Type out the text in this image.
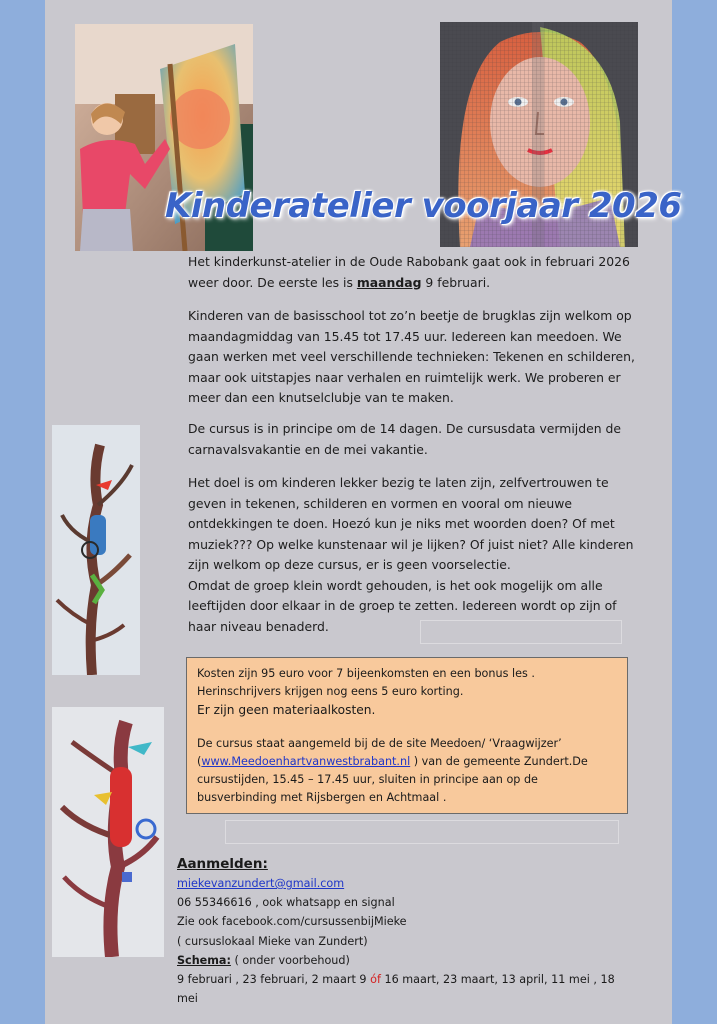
Kinderatelier voorjaar 2026

Het kinderkunst-atelier in de Oude Rabobank gaat ook in februari 2026 weer door. De eerste les is maandag 9 februari.

Kinderen van de basisschool tot zo’n beetje de brugklas zijn welkom op maandagmiddag van 15.45 tot 17.45 uur. Iedereen kan meedoen. We gaan werken met veel verschillende technieken: Tekenen en schilderen, maar ook uitstapjes naar verhalen en ruimtelijk werk. We proberen er meer dan een knutselclubje van te maken.

De cursus is in principe om de 14 dagen. De cursusdata vermijden de carnavalsvakantie en de mei vakantie.

Het doel is om kinderen lekker bezig te laten zijn, zelfvertrouwen te geven in tekenen, schilderen en vormen en vooral om nieuwe ontdekkingen te doen. Hoezó kun je niks met woorden doen? Of met muziek??? Op welke kunstenaar wil je lijken? Of juist niet? Alle kinderen zijn welkom op deze cursus, er is geen voorselectie.

Omdat de groep klein wordt gehouden, is het ook mogelijk om alle leeftijden door elkaar in de groep te zetten. Iedereen wordt op zijn of haar niveau benaderd.

Kosten zijn 95 euro voor 7 bijeenkomsten en een bonus les .
Herinschrijvers krijgen nog eens 5 euro korting.
Er zijn geen materiaalkosten.
De cursus staat aangemeld bij de de site Meedoen/ ‘Vraagwijzer’ (www.Meedoenhartvanwestbrabant.nl ) van de gemeente Zundert.De cursustijden, 15.45 – 17.45 uur, sluiten in principe aan op de busverbinding met Rijsbergen en Achtmaal .
Aanmelden:
miekevanzundert@gmail.com
06 55346616 , ook whatsapp en signal
Zie ook facebook.com/cursussenbijMieke
( cursuslokaal Mieke van Zundert)
Schema: ( onder voorbehoud)
9 februari , 23 februari, 2 maart 9 óf 16 maart, 23 maart, 13 april, 11 mei , 18 mei
